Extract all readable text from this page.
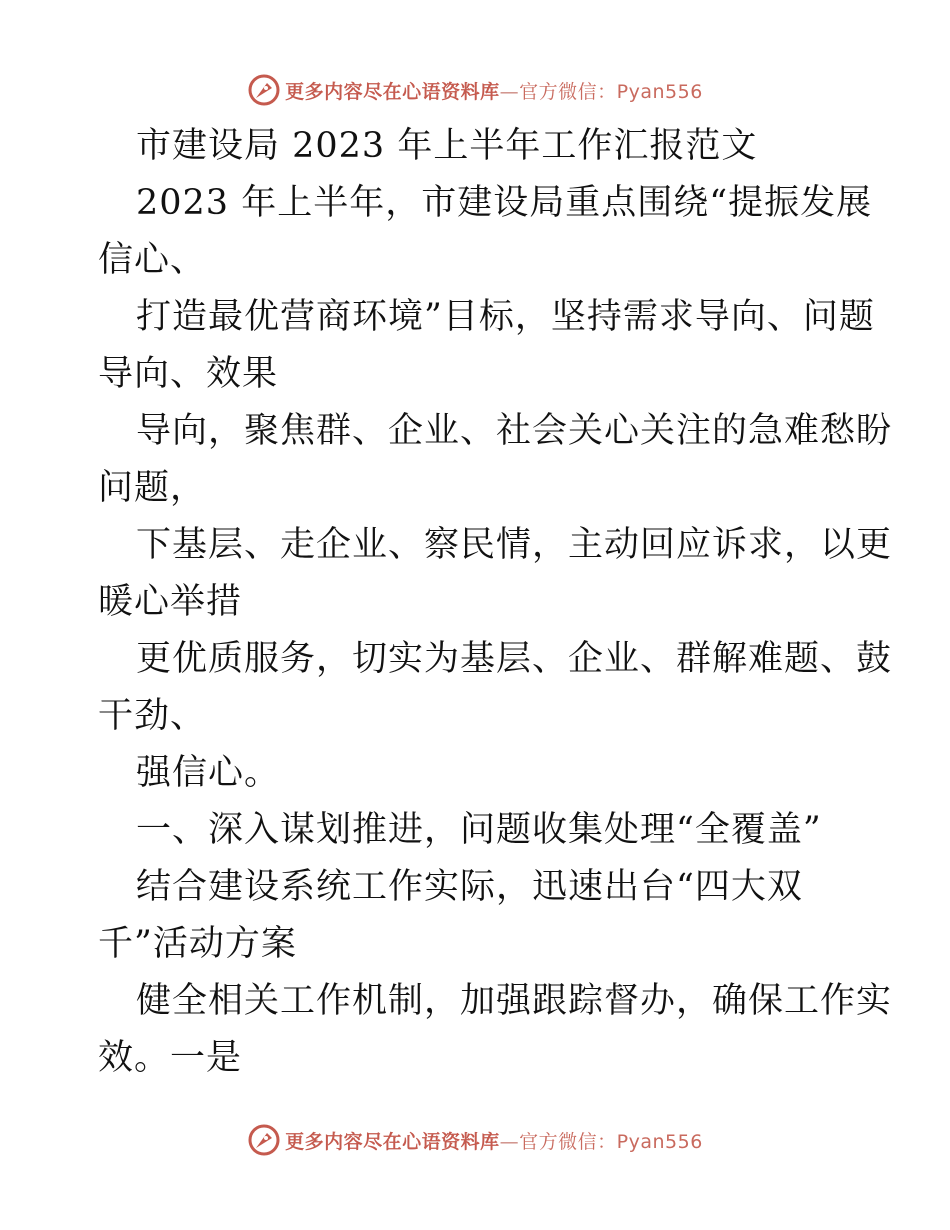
更多内容尽在心语资料库—官方微信：Pyan556
市建设局 2023 年上半年工作汇报范文
2023 年上半年，市建设局重点围绕“提振发展
信心、
打造最优营商环境”目标，坚持需求导向、问题
导向、效果
导向，聚焦群、企业、社会关心关注的急难愁盼
问题，
下基层、走企业、察民情，主动回应诉求，以更
暖心举措
更优质服务，切实为基层、企业、群解难题、鼓
干劲、
强信心。
一、深入谋划推进，问题收集处理“全覆盖”
结合建设系统工作实际，迅速出台“四大双
千”活动方案
健全相关工作机制，加强跟踪督办，确保工作实
效。一是
更多内容尽在心语资料库—官方微信：Pyan556
